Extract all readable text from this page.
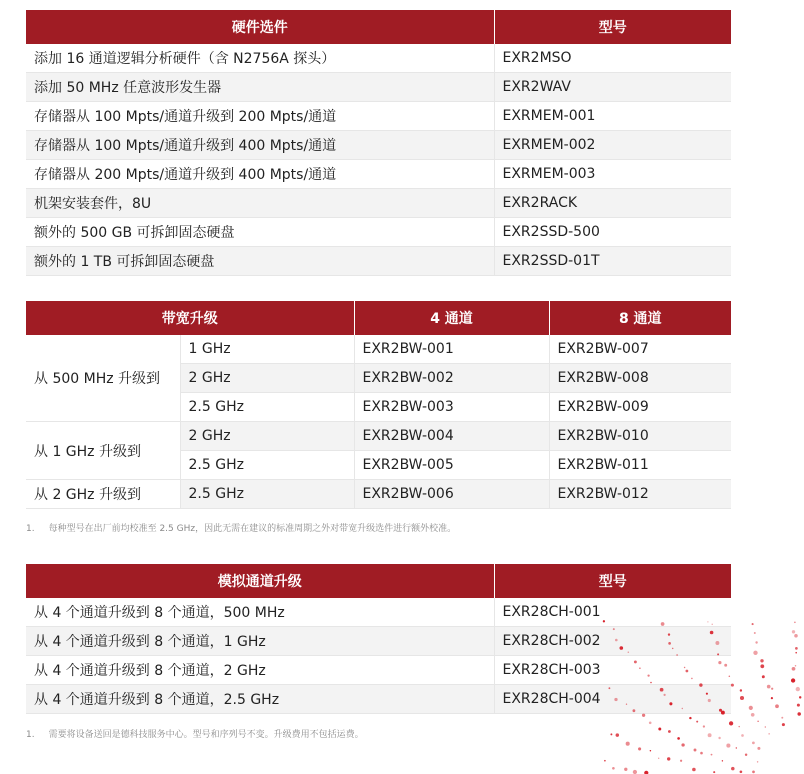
硬件选件	型号
添加 16 通道逻辑分析硬件（含 N2756A 探头）	EXR2MSO
添加 50 MHz 任意波形发生器	EXR2WAV
存储器从 100 Mpts/通道升级到 200 Mpts/通道	EXRMEM-001
存储器从 100 Mpts/通道升级到 400 Mpts/通道	EXRMEM-002
存储器从 200 Mpts/通道升级到 400 Mpts/通道	EXRMEM-003
机架安装套件，8U	EXR2RACK
额外的 500 GB 可拆卸固态硬盘	EXR2SSD-500
额外的 1 TB 可拆卸固态硬盘	EXR2SSD-01T
带宽升级		4 通道	8 通道
从 500 MHz 升级到	1 GHz	EXR2BW-001	EXR2BW-007
	2 GHz	EXR2BW-002	EXR2BW-008
	2.5 GHz	EXR2BW-003	EXR2BW-009
从 1 GHz 升级到	2 GHz	EXR2BW-004	EXR2BW-010
	2.5 GHz	EXR2BW-005	EXR2BW-011
从 2 GHz 升级到	2.5 GHz	EXR2BW-006	EXR2BW-012
1. 每种型号在出厂前均校准至 2.5 GHz，因此无需在建议的标准周期之外对带宽升级选件进行额外校准。
模拟通道升级	型号
从 4 个通道升级到 8 个通道，500 MHz	EXR28CH-001
从 4 个通道升级到 8 个通道，1 GHz	EXR28CH-002
从 4 个通道升级到 8 个通道，2 GHz	EXR28CH-003
从 4 个通道升级到 8 个通道，2.5 GHz	EXR28CH-004
1. 需要将设备送回是德科技服务中心。型号和序列号不变。升级费用不包括运费。
